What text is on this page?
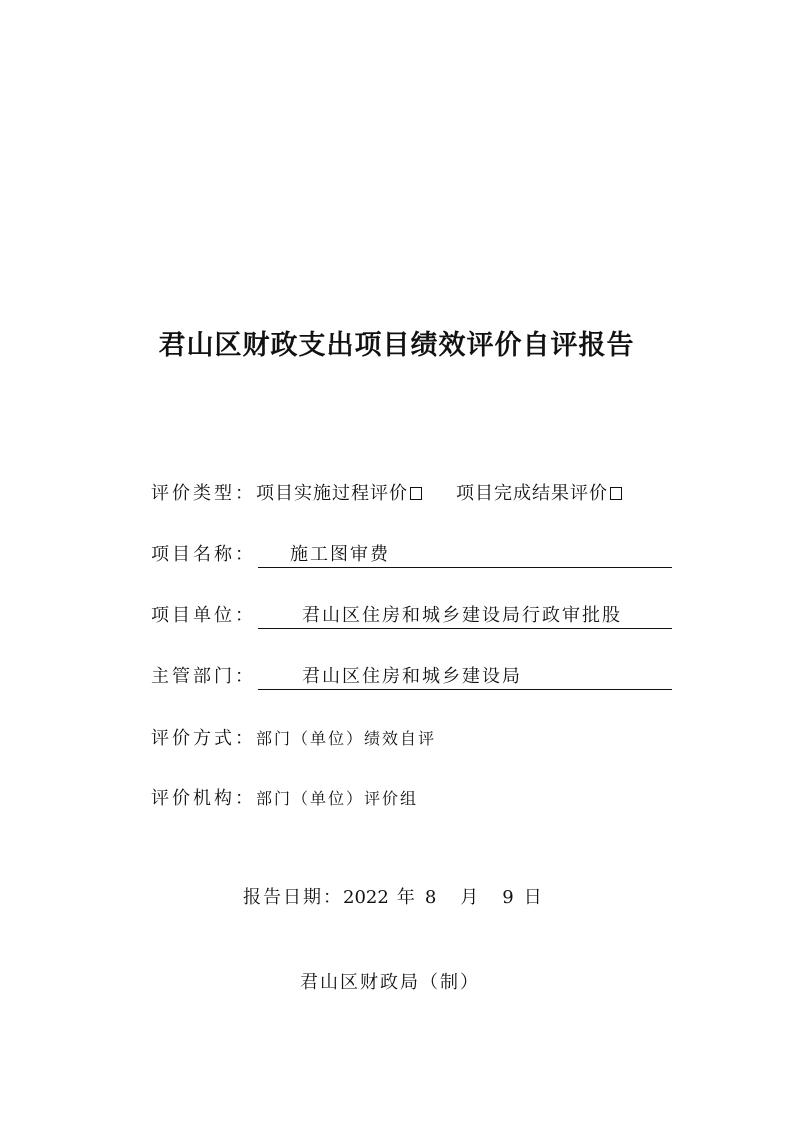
君山区财政支出项目绩效评价自评报告
评价类型：项目实施过程评价	项目完成结果评价
项目名称：	施工图审费
项目单位：	君山区住房和城乡建设局行政审批股
主管部门：	君山区住房和城乡建设局
评价方式：部门（单位）绩效自评
评价机构：部门（单位）评价组
报告日期：2022 年 8 月 9 日
君山区财政局（制）
